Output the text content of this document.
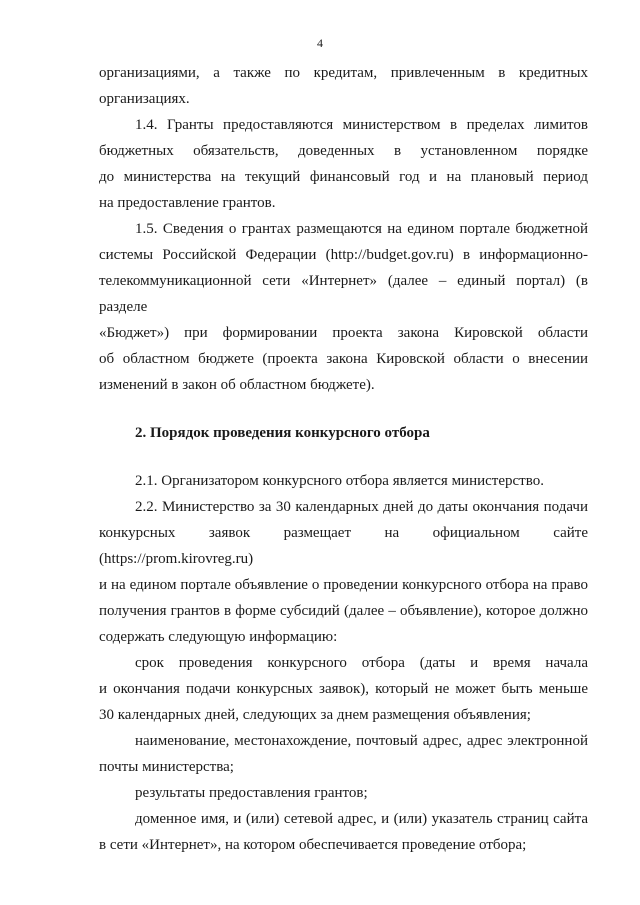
4

организациями, а также по кредитам, привлеченным в кредитных

организациях.

1.4. Гранты предоставляются министерством в пределах лимитов

бюджетных обязательств, доведенных в установленном порядке

до министерства на текущий финансовый год и на плановый период

на предоставление грантов.

1.5. Сведения о грантах размещаются на едином портале бюджетной

системы Российской Федерации (http://budget.gov.ru) в информационно-

телекоммуникационной сети «Интернет» (далее – единый портал) (в разделе

«Бюджет») при формировании проекта закона Кировской области

об областном бюджете (проекта закона Кировской области о внесении

изменений в закон об областном бюджете).

2. Порядок проведения конкурсного отбора

2.1. Организатором конкурсного отбора является министерство.

2.2. Министерство за 30 календарных дней до даты окончания подачи

конкурсных заявок размещает на официальном сайте (https://prom.kirovreg.ru)

и на едином портале объявление о проведении конкурсного отбора на право

получения грантов в форме субсидий (далее – объявление), которое должно

содержать следующую информацию:

срок проведения конкурсного отбора (даты и время начала

и окончания подачи конкурсных заявок), который не может быть меньше

30 календарных дней, следующих за днем размещения объявления;

наименование, местонахождение, почтовый адрес, адрес электронной

почты министерства;

результаты предоставления грантов;

доменное имя, и (или) сетевой адрес, и (или) указатель страниц сайта

в сети «Интернет», на котором обеспечивается проведение отбора;
